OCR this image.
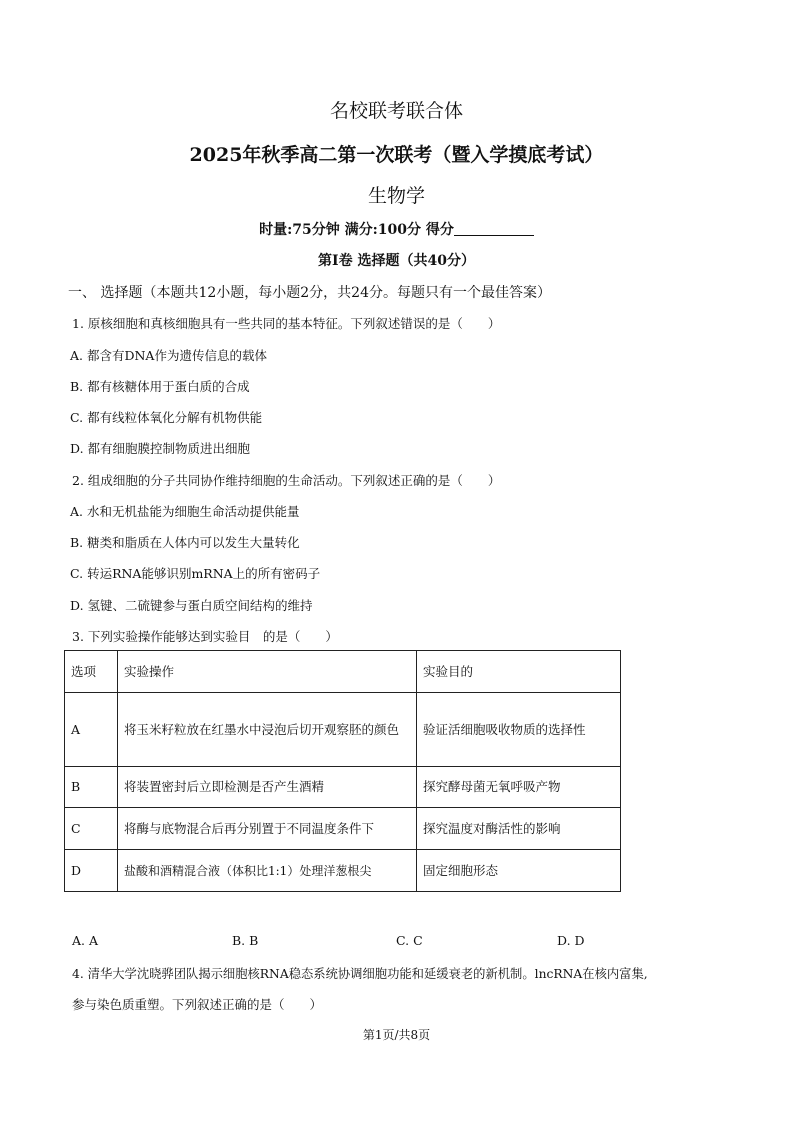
名校联考联合体
2025年秋季高二第一次联考（暨入学摸底考试）
生物学
时量:75分钟 满分:100分 得分
第Ⅰ卷 选择题（共40分）
一、 选择题（本题共12小题，每小题2分，共24分。每题只有一个最佳答案）
1. 原核细胞和真核细胞具有一些共同的基本特征。下列叙述错误的是（　　）
A. 都含有DNA作为遗传信息的载体
B. 都有核糖体用于蛋白质的合成
C. 都有线粒体氧化分解有机物供能
D. 都有细胞膜控制物质进出细胞
2. 组成细胞的分子共同协作维持细胞的生命活动。下列叙述正确的是（　　）
A. 水和无机盐能为细胞生命活动提供能量
B. 糖类和脂质在人体内可以发生大量转化
C. 转运RNA能够识别mRNA上的所有密码子
D. 氢键、二硫键参与蛋白质空间结构的维持
3. 下列实验操作能够达到实验目　的是（　　）
选项	实验操作	实验目的
A	将玉米籽粒放在红墨水中浸泡后切开观察胚的颜色	验证活细胞吸收物质的选择性
B	将装置密封后立即检测是否产生酒精	探究酵母菌无氧呼吸产物
C	将酶与底物混合后再分别置于不同温度条件下	探究温度对酶活性的影响
D	盐酸和酒精混合液（体积比1:1）处理洋葱根尖	固定细胞形态
A. A	B. B	C. C	D. D
4. 清华大学沈晓骅团队揭示细胞核RNA稳态系统协调细胞功能和延缓衰老的新机制。lncRNA在核内富集,
参与染色质重塑。下列叙述正确的是（　　）
第1页/共8页
